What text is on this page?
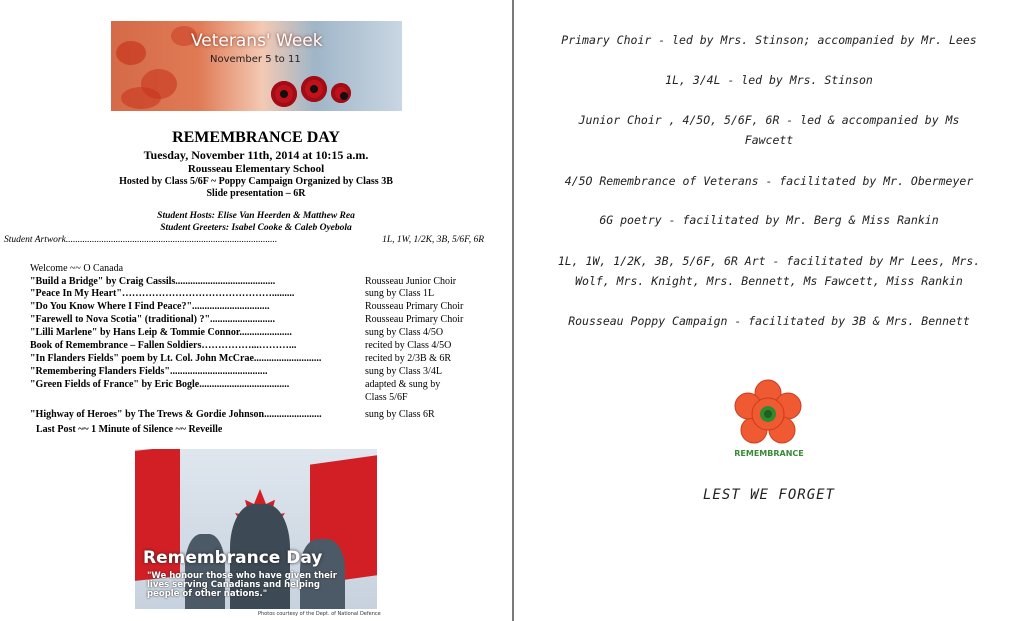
Veterans' Week
November 5 to 11
REMEMBRANCE DAY
Tuesday, November 11th, 2014 at 10:15 a.m.
Rousseau Elementary School
Hosted by Class 5/6F ~ Poppy Campaign Organized by Class 3B
Slide presentation – 6R
Student Hosts: Elise Van Heerden & Matthew Rea
Student Greeters: Isabel Cooke & Caleb Oyebola
Student Artwork.........................................................................................	1L, 1W, 1/2K, 3B, 5/6F, 6R
Welcome ~~ O Canada
"Build a Bridge" by Craig Cassils........................................	Rousseau Junior Choir
"Peace In My Heart"……………………………………….........	sung by Class 1L
"Do You Know Where I Find Peace?"...............................	Rousseau Primary Choir
"Farewell to Nova Scotia" (traditional) ?"..........................	Rousseau Primary Choir
"Lilli Marlene" by Hans Leip & Tommie Connor.....................	sung by Class 4/5O
Book of Remembrance – Fallen Soldiers……………...………...	recited by Class 4/5O
"In Flanders Fields" poem by Lt. Col. John McCrae...........................	recited by 2/3B & 6R
"Remembering Flanders Fields".......................................	sung by Class 3/4L
"Green Fields of France" by Eric Bogle....................................	adapted & sung by
Class 5/6F
"Highway of Heroes" by The Trews & Gordie Johnson.......................	sung by Class 6R
Last Post ~~ 1 Minute of Silence ~~ Reveille
Remembrance Day
"We honour those who have given their lives serving Canadians and helping people of other nations."
Photos courtesy of the Dept. of National Defence
Primary Choir - led by Mrs. Stinson; accompanied by Mr. Lees
1L, 3/4L - led by Mrs. Stinson
Junior Choir , 4/5O, 5/6F, 6R - led & accompanied by Ms
Fawcett
4/5O Remembrance of Veterans - facilitated by Mr. Obermeyer
6G poetry - facilitated by Mr. Berg & Miss Rankin
1L, 1W, 1/2K, 3B, 5/6F, 6R Art - facilitated by Mr Lees, Mrs.
Wolf, Mrs. Knight, Mrs. Bennett, Ms Fawcett, Miss Rankin
Rousseau Poppy Campaign - facilitated by 3B & Mrs. Bennett
REMEMBRANCE
LEST WE FORGET
